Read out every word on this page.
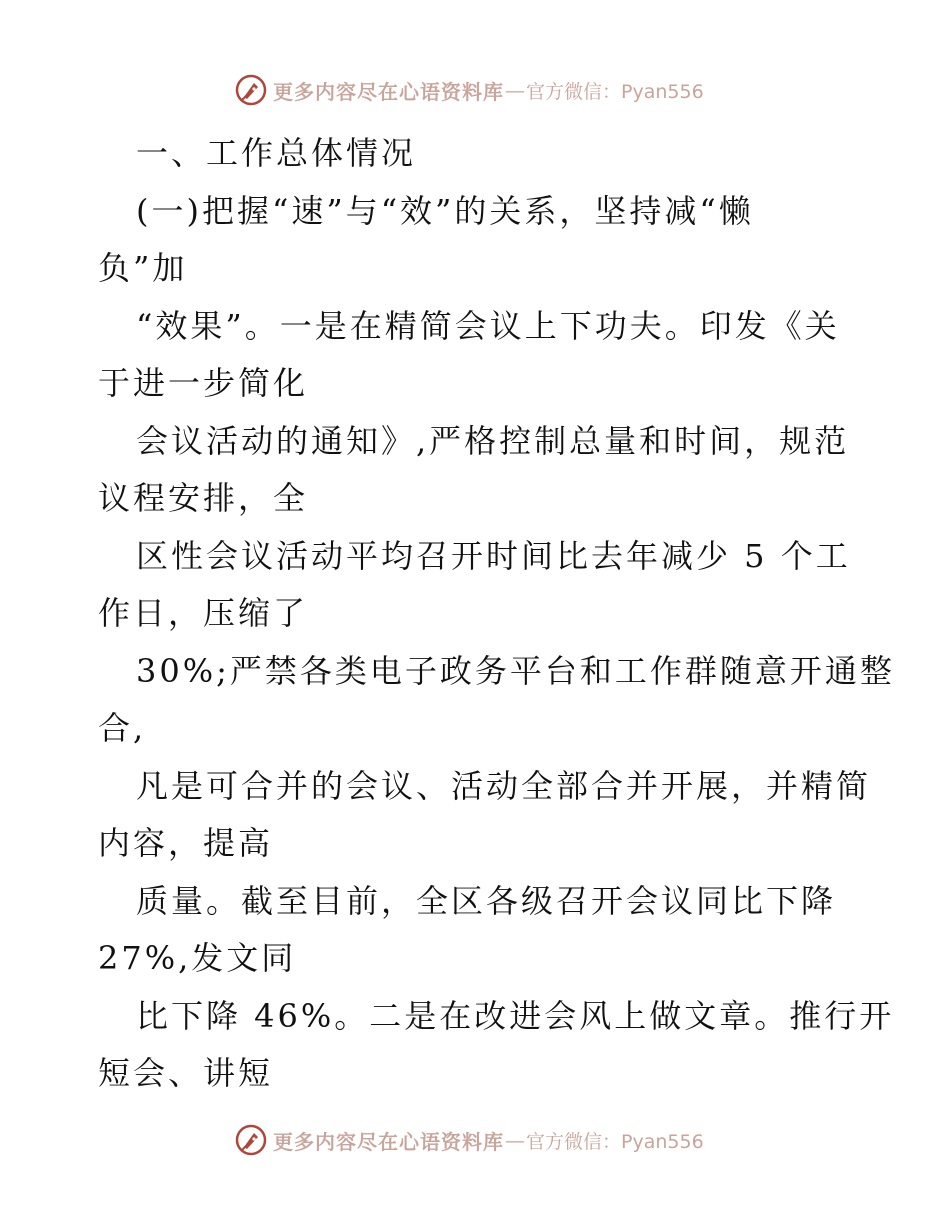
更多内容尽在心语资料库 — 官方微信：Pyan556
一、工作总体情况
(一)把握“速”与“效”的关系，坚持减“懒
负”加
“效果”。一是在精简会议上下功夫。印发《关
于进一步简化
会议活动的通知》,严格控制总量和时间，规范
议程安排，全
区性会议活动平均召开时间比去年减少 5 个工
作日，压缩了
30%;严禁各类电子政务平台和工作群随意开通整
合,
凡是可合并的会议、活动全部合并开展，并精简
内容，提高
质量。截至目前，全区各级召开会议同比下降
27%,发文同
比下降 46%。二是在改进会风上做文章。推行开
短会、讲短
更多内容尽在心语资料库 — 官方微信：Pyan556
